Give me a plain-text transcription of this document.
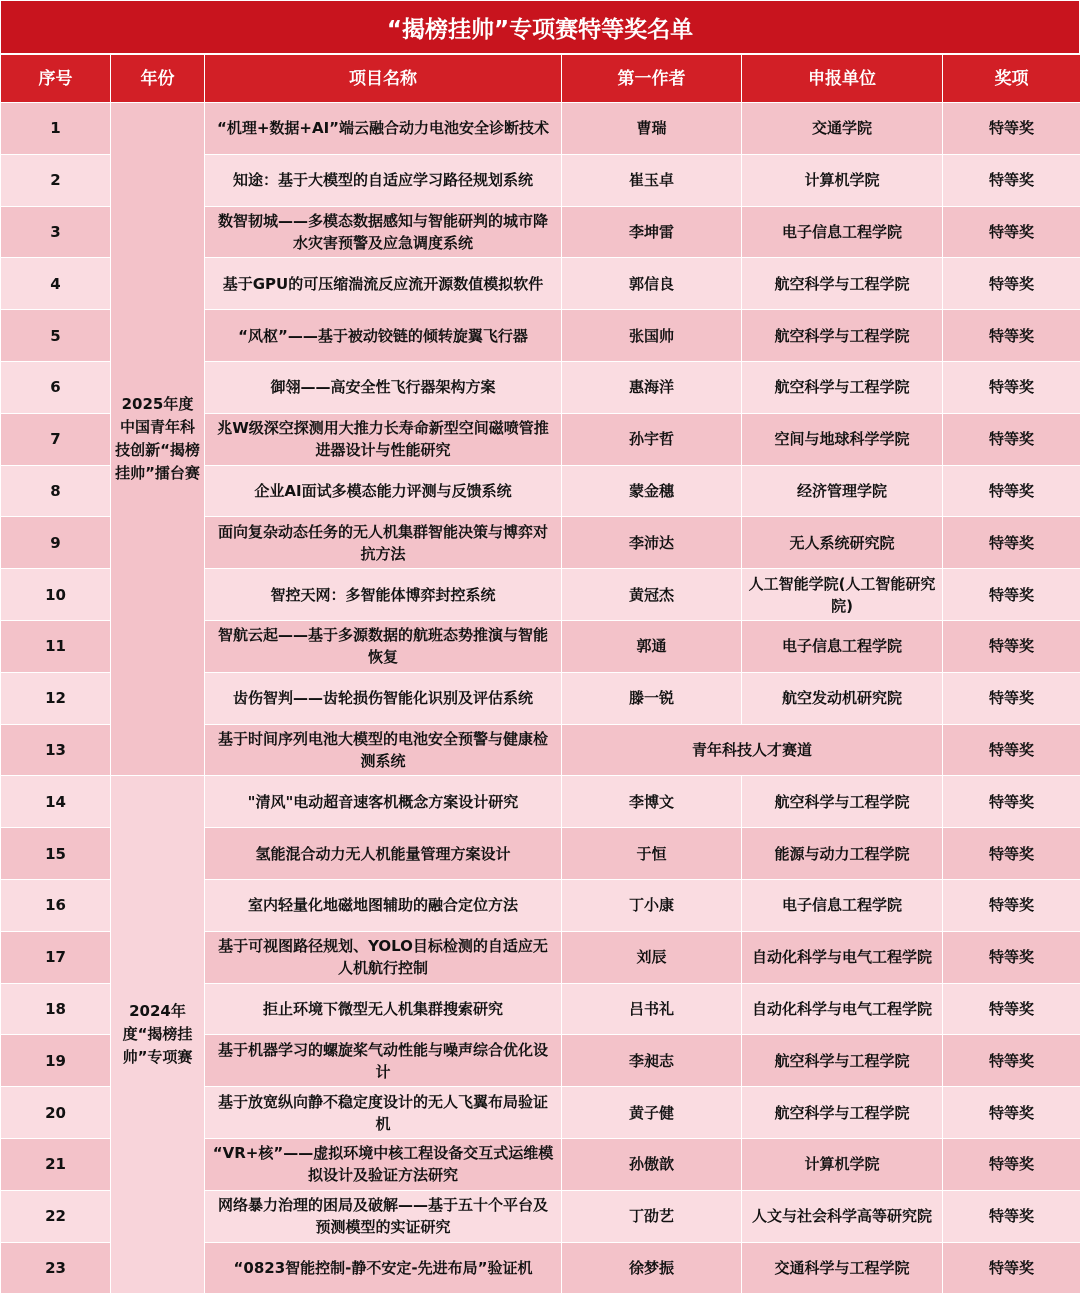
“揭榜挂帅”专项赛特等奖名单
序号	年份	项目名称	第一作者	申报单位	奖项
1	2025年度中国青年科技创新“揭榜挂帅”擂台赛	“机理+数据+AI”端云融合动力电池安全诊断技术	曹瑞	交通学院	特等奖
2		知途：基于大模型的自适应学习路径规划系统	崔玉卓	计算机学院	特等奖
3		数智韧城——多模态数据感知与智能研判的城市降水灾害预警及应急调度系统	李坤雷	电子信息工程学院	特等奖
4		基于GPU的可压缩湍流反应流开源数值模拟软件	郭信良	航空科学与工程学院	特等奖
5		“风枢”——基于被动铰链的倾转旋翼飞行器	张国帅	航空科学与工程学院	特等奖
6		御翎——高安全性飞行器架构方案	惠海洋	航空科学与工程学院	特等奖
7		兆W级深空探测用大推力长寿命新型空间磁喷管推进器设计与性能研究	孙宇哲	空间与地球科学学院	特等奖
8		企业AI面试多模态能力评测与反馈系统	蒙金穗	经济管理学院	特等奖
9		面向复杂动态任务的无人机集群智能决策与博弈对抗方法	李沛达	无人系统研究院	特等奖
10		智控天网：多智能体博弈封控系统	黄冠杰	人工智能学院(人工智能研究院)	特等奖
11		智航云起——基于多源数据的航班态势推演与智能恢复	郭通	电子信息工程学院	特等奖
12		齿伤智判——齿轮损伤智能化识别及评估系统	滕一锐	航空发动机研究院	特等奖
13		基于时间序列电池大模型的电池安全预警与健康检测系统	青年科技人才赛道		特等奖
14	2024年度“揭榜挂帅”专项赛	"清风"电动超音速客机概念方案设计研究	李博文	航空科学与工程学院	特等奖
15		氢能混合动力无人机能量管理方案设计	于恒	能源与动力工程学院	特等奖
16		室内轻量化地磁地图辅助的融合定位方法	丁小康	电子信息工程学院	特等奖
17		基于可视图路径规划、YOLO目标检测的自适应无人机航行控制	刘辰	自动化科学与电气工程学院	特等奖
18		拒止环境下微型无人机集群搜索研究	吕书礼	自动化科学与电气工程学院	特等奖
19		基于机器学习的螺旋桨气动性能与噪声综合优化设计	李昶志	航空科学与工程学院	特等奖
20		基于放宽纵向静不稳定度设计的无人飞翼布局验证机	黄子健	航空科学与工程学院	特等奖
21		“VR+核”——虚拟环境中核工程设备交互式运维模拟设计及验证方法研究	孙傲歆	计算机学院	特等奖
22		网络暴力治理的困局及破解——基于五十个平台及预测模型的实证研究	丁劭艺	人文与社会科学高等研究院	特等奖
23		“0823智能控制-静不安定-先进布局”验证机	徐梦振	交通科学与工程学院	特等奖
